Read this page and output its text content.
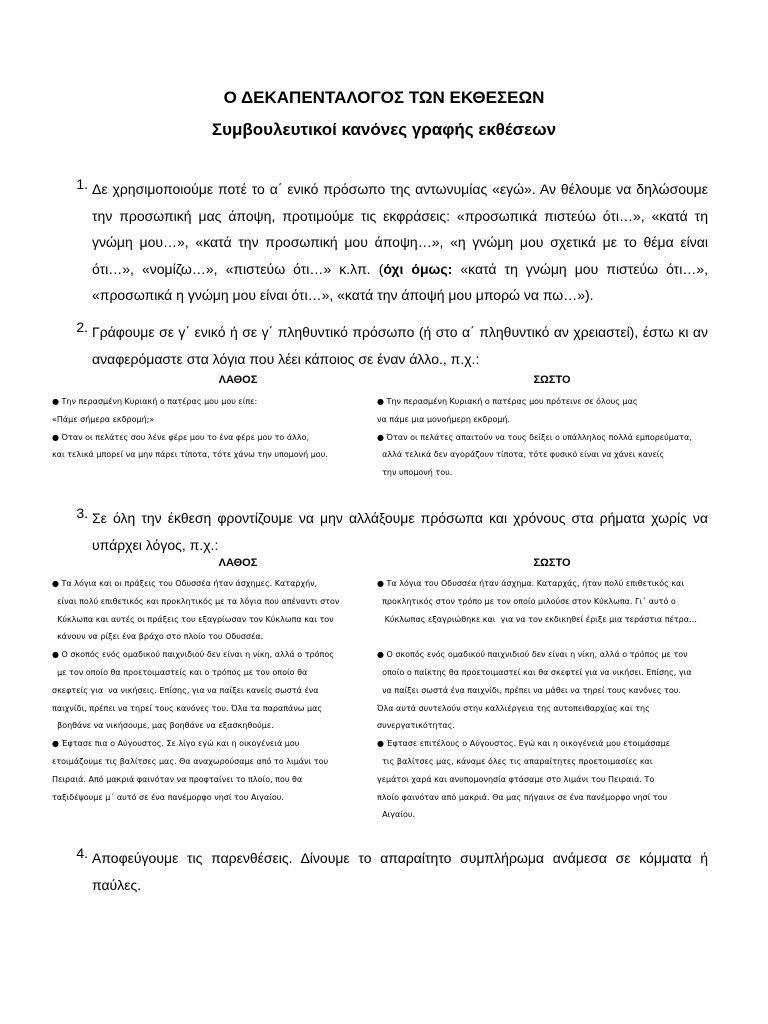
Ο ΔΕΚΑΠΕΝΤΑΛΟΓΟΣ ΤΩΝ ΕΚΘΕΣΕΩΝ
Συμβουλευτικοί κανόνες γραφής εκθέσεων
1. Δε χρησιμοποιούμε ποτέ το α΄ ενικό πρόσωπο της αντωνυμίας «εγώ». Αν θέλουμε να δηλώσουμε την προσωπική μας άποψη, προτιμούμε τις εκφράσεις: «προσωπικά πιστεύω ότι…», «κατά τη γνώμη μου…», «κατά την προσωπική μου άποψη…», «η γνώμη μου σχετικά με το θέμα είναι ότι…», «νομίζω…», «πιστεύω ότι…» κ.λπ. (όχι όμως: «κατά τη γνώμη μου πιστεύω ότι…», «προσωπικά η γνώμη μου είναι ότι…», «κατά την άποψή μου μπορώ να πω…»).
2. Γράφουμε σε γ΄ ενικό ή σε γ΄ πληθυντικό πρόσωπο (ή στο α΄ πληθυντικό αν χρειαστεί), έστω κι αν αναφερόμαστε στα λόγια που λέει κάποιος σε έναν άλλο., π.χ.:
ΛΑΘΟΣ	ΣΩΣΤΟ
● Την περασμένη Κυριακή ο πατέρας μου μου είπε:
«Πάμε σήμερα εκδρομή;»
● Όταν οι πελάτες σου λένε φέρε μου το ένα φέρε μου το άλλο,
και τελικά μπορεί να μην πάρει τίποτα, τότε χάνω την υπομονή μου.
● Την περασμένη Κυριακή ο πατέρας μου πρότεινε σε όλους μας
να πάμε μια μονοήμερη εκδρομή.
● Όταν οι πελάτες απαιτούν να τους δείξει ο υπάλληλος πολλά εμπορεύματα,
αλλά τελικά δεν αγοράζουν τίποτα, τότε φυσικό είναι να χάνει κανείς
την υπομονή του.
3. Σε όλη την έκθεση φροντίζουμε να μην αλλάξουμε πρόσωπα και χρόνους στα ρήματα χωρίς να υπάρχει λόγος, π.χ.:
ΛΑΘΟΣ	ΣΩΣΤΟ
● Τα λόγια και οι πράξεις του Οδυσσέα ήταν άσχημες. Καταρχήν,
είναι πολύ επιθετικός και προκλητικός με τα λόγια που απέναντι στον
Κύκλωπα και αυτές οι πράξεις του εξαγρίωσαν τον Κύκλωπα και τον
κάνουν να ρίξει ένα βράχο στο πλοίο του Οδυσσέα.
● Ο σκοπός ενός ομαδικού παιχνιδιού δεν είναι η νίκη, αλλά ο τρόπος
με τον οποίο θα προετοιμαστείς και ο τρόπος με τον οποίο θα
σκεφτείς για  να νικήσεις. Επίσης, για να παίξει κανείς σωστά ένα
παιχνίδι, πρέπει να τηρεί τους κανόνες του. Όλα τα παραπάνω μας
βοηθάνε να νικήσουμε, μας βοηθάνε να εξασκηθούμε.
● Έφτασε πια ο Αύγουστος. Σε λίγο εγώ και η οικογένειά μου
ετοιμάζουμε τις βαλίτσες μας. Θα αναχωρούσαμε από το λιμάνι του
Πειραιά. Από μακριά φαινόταν να προφταίνει το πλοίο, που θα
ταξιδέψουμε μ΄ αυτό σε ένα πανέμορφο νησί του Αιγαίου.
● Τα λόγια του Οδυσσέα ήταν άσχημα. Καταρχάς, ήταν πολύ επιθετικός και
προκλητικός στον τρόπο με τον οποίο μιλούσε στον Κύκλωπα. Γι΄ αυτό ο
Κύκλωπας εξαγριώθηκε και  για να τον εκδικηθεί έριξε μια τεράστια πέτρα…

● Ο σκοπός ενός ομαδικού παιχνιδιού δεν είναι η νίκη, αλλά ο τρόπος με τον
οποίο ο παίκτης θα προετοιμαστεί και θα σκεφτεί για να νικήσει. Επίσης, για
να παίξει σωστά ένα παιχνίδι, πρέπει να μάθει να τηρεί τους κανόνες του.
Όλα αυτά συντελούν στην καλλιέργεια της αυτοπειθαρχίας και της
συνεργατικότητας.
● Έφτασε επιτέλους ο Αύγουστος. Εγώ και η οικογένειά μου ετοιμάσαμε
τις βαλίτσες μας, κάναμε όλες τις απαραίτητες προετοιμασίες και
γεμάτοι χαρά και ανυπομονησία φτάσαμε στο λιμάνι του Πειραιά. Το
πλοίο φαινόταν από μακριά. Θα μας πήγαινε σε ένα πανέμορφο νησί του
Αιγαίου.
4. Αποφεύγουμε τις παρενθέσεις. Δίνουμε το απαραίτητο συμπλήρωμα ανάμεσα σε κόμματα ή παύλες.
